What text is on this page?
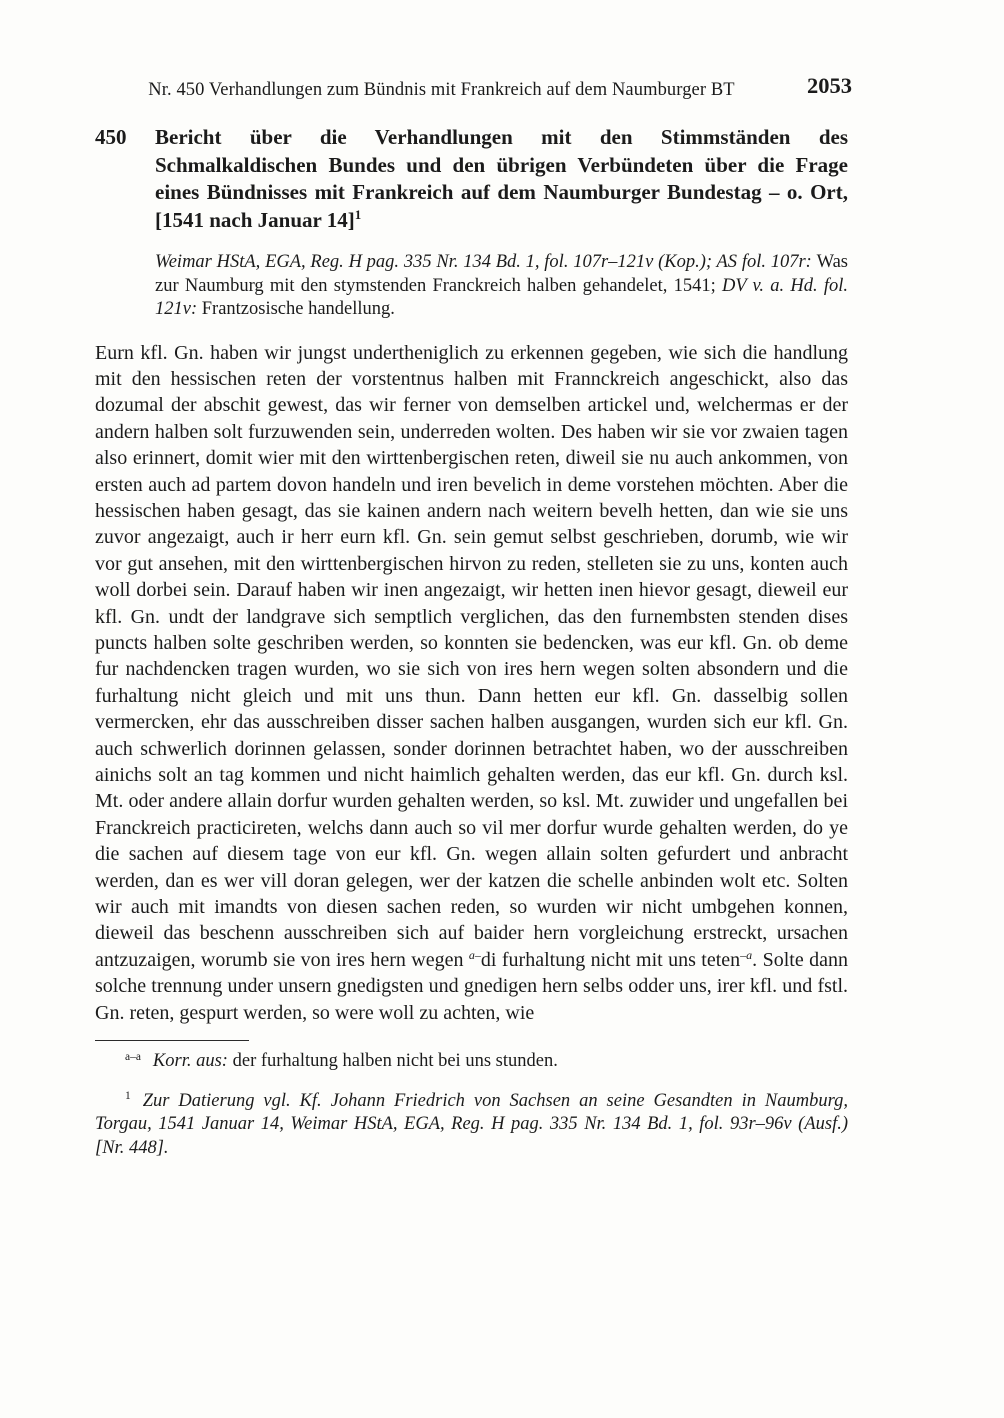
Nr. 450 Verhandlungen zum Bündnis mit Frankreich auf dem Naumburger BT	2053
450	Bericht über die Verhandlungen mit den Stimmständen des Schmalkaldischen Bundes und den übrigen Verbündeten über die Frage eines Bündnisses mit Frankreich auf dem Naumburger Bundestag – o. Ort, [1541 nach Januar 14]$^1$
Weimar HStA, EGA, Reg. H pag. 335 Nr. 134 Bd. 1, fol. 107r–121v (Kop.); AS fol. 107r: Was zur Naumburg mit den stymstenden Franckreich halben gehandelet, 1541; DV v. a. Hd. fol. 121v: Frantzosische handellung.

Eurn kfl. Gn. haben wir jungst undertheniglich zu erkennen gegeben, wie sich die handlung mit den hessischen reten der vorstentnus halben mit Frannckreich angeschickt, also das dozumal der abschit gewest, das wir ferner von demselben artickel und, welchermas er der andern halben solt furzuwenden sein, underreden wolten. Des haben wir sie vor zwaien tagen also erinnert, domit wier mit den wirttenbergischen reten, diweil sie nu auch ankommen, von ersten auch ad partem dovon handeln und iren bevelich in deme vorstehen möchten. Aber die hessischen haben gesagt, das sie kainen andern nach weitern bevelh hetten, dan wie sie uns zuvor angezaigt, auch ir herr eurn kfl. Gn. sein gemut selbst geschrieben, dorumb, wie wir vor gut ansehen, mit den wirttenbergischen hirvon zu reden, stelleten sie zu uns, konten auch woll dorbei sein. Darauf haben wir inen angezaigt, wir hetten inen hievor gesagt, dieweil eur kfl. Gn. undt der landgrave sich semptlich verglichen, das den furnembsten stenden dises puncts halben solte geschriben werden, so konnten sie bedencken, was eur kfl. Gn. ob deme fur nachdencken tragen wurden, wo sie sich von ires hern wegen solten absondern und die furhaltung nicht gleich und mit uns thun. Dann hetten eur kfl. Gn. dasselbig sollen vermercken, ehr das ausschreiben disser sachen halben ausgangen, wurden sich eur kfl. Gn. auch schwerlich dorinnen gelassen, sonder dorinnen betrachtet haben, wo der ausschreiben ainichs solt an tag kommen und nicht haimlich gehalten werden, das eur kfl. Gn. durch ksl. Mt. oder andere allain dorfur wurden gehalten werden, so ksl. Mt. zuwider und ungefallen bei Franckreich practicireten, welchs dann auch so vil mer dorfur wurde gehalten werden, do ye die sachen auf diesem tage von eur kfl. Gn. wegen allain solten gefurdert und anbracht werden, dan es wer vill doran gelegen, wer der katzen die schelle anbinden wolt etc. Solten wir auch mit imandts von diesen sachen reden, so wurden wir nicht umbgehen konnen, dieweil das beschenn ausschreiben sich auf baider hern vorgleichung erstreckt, ursachen antzuzaigen, worumb sie von ires hern wegen $^{a-}$di furhaltung nicht mit uns teten$^{-a}$. Solte dann solche trennung under unsern gnedigsten und gnedigen hern selbs odder uns, irer kfl. und fstl. Gn. reten, gespurt werden, so were woll zu achten, wie

$^{a-a}$ Korr. aus: der furhaltung halben nicht bei uns stunden.

$^1$ Zur Datierung vgl. Kf. Johann Friedrich von Sachsen an seine Gesandten in Naumburg, Torgau, 1541 Januar 14, Weimar HStA, EGA, Reg. H pag. 335 Nr. 134 Bd. 1, fol. 93r–96v (Ausf.) [Nr. 448].
